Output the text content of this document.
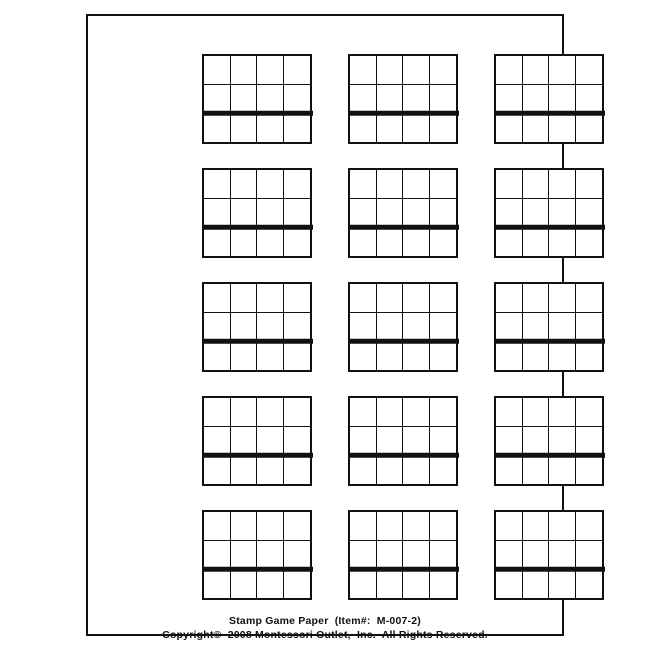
Stamp Game Paper  (Item#:  M-007-2)
Copyright©  2008 Montessori Outlet,  Inc.  All Rights Reserved.
